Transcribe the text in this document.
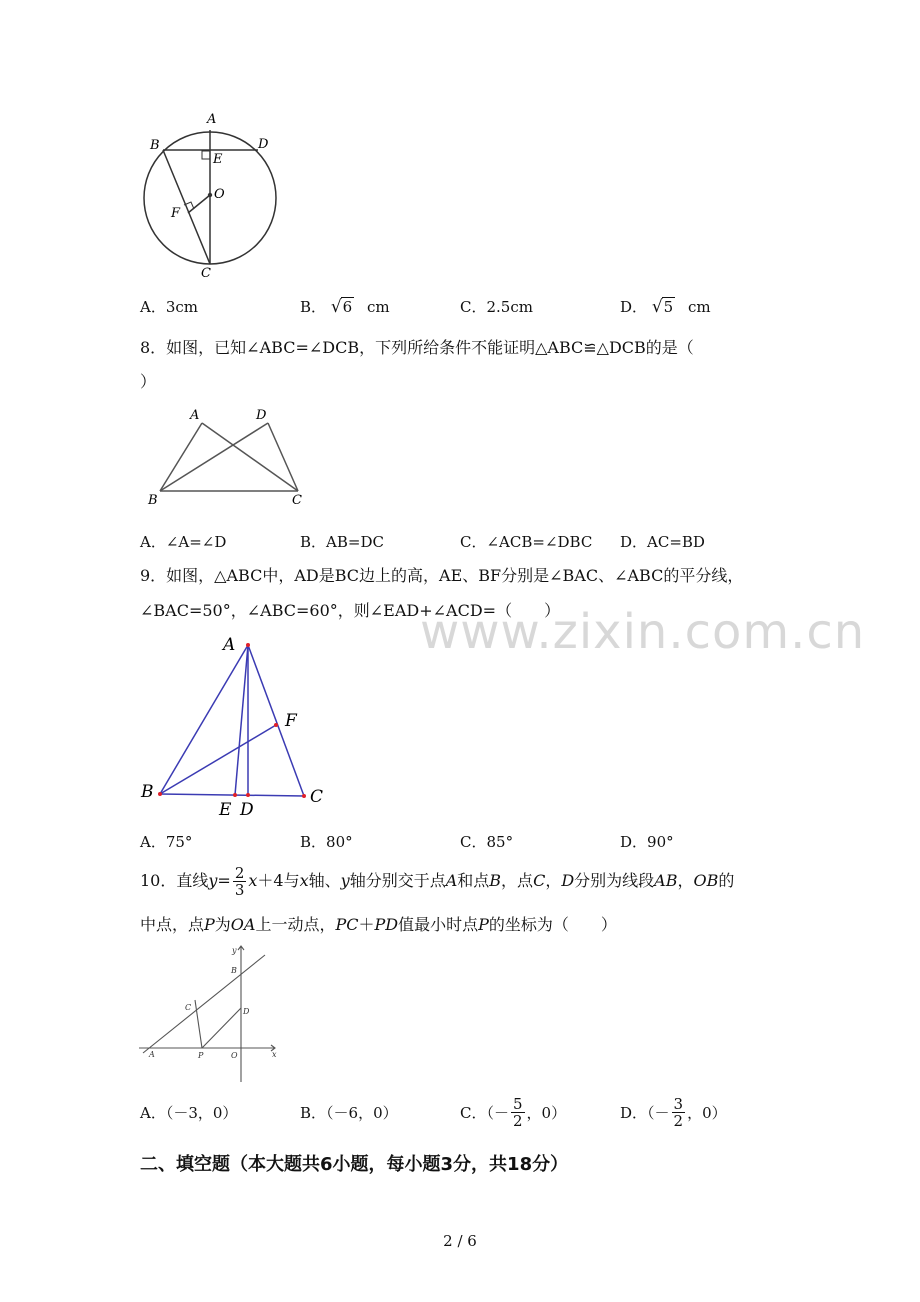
www.zixin.com.cn
A
B	D
E
O
F
C
A．3cm	B． √6 cm	C．2.5cm	D． √5 cm
8．如图，已知∠ABC=∠DCB，下列所给条件不能证明△ABC≌△DCB的是（
）
A	D
B	C
A．∠A=∠D	B．AB=DC	C．∠ACB=∠DBC D．AC=BD
9．如图，△ABC中，AD是BC边上的高，AE、BF分别是∠BAC、∠ABC的平分线，
∠BAC=50°，∠ABC=60°，则∠EAD+∠ACD=（　　）
A
F
B
E D
C
A．75°	B．80°	C．85°	D．90°
10．直线$y= \frac{2}{3} x+4$与x轴、y轴分别交于点A和点B，点C，D分别为线段AB，OB的
中点，点P为OA上一动点，PC＋PD值最小时点P的坐标为（　　）
y
B
C	D
A	P	O	x
A．（－3，0）	B．（－6，0）	C．（－ $\frac{5}{2}$ ，0）	D．（－ $\frac{3}{2}$ ，0）
二、填空题（本大题共6小题，每小题3分，共18分）
2 / 6
